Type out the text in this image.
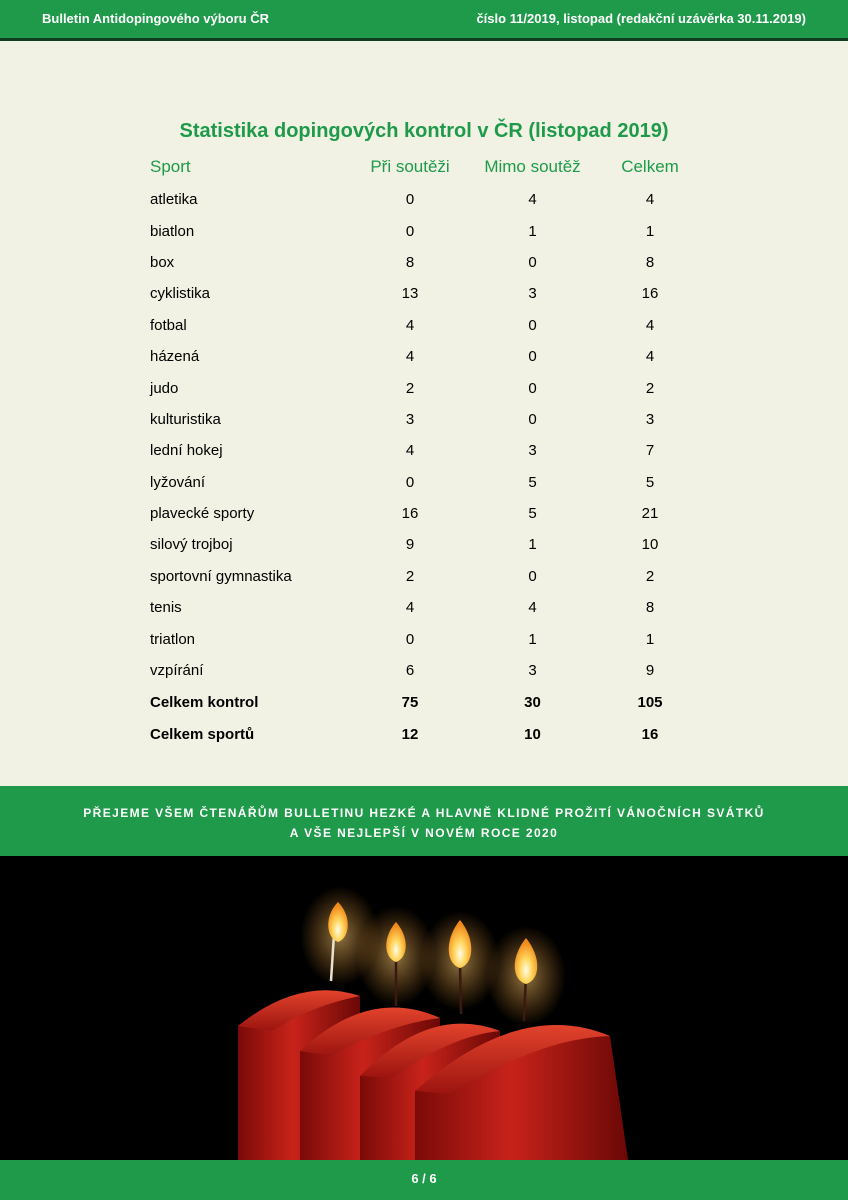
Bulletin Antidopingového výboru ČR	číslo 11/2019, listopad (redakční uzávěrka 30.11.2019)
Statistika dopingových kontrol v ČR (listopad 2019)
Sport	Při soutěži	Mimo soutěž	Celkem
atletika	0	4	4
biatlon	0	1	1
box	8	0	8
cyklistika	13	3	16
fotbal	4	0	4
házená	4	0	4
judo	2	0	2
kulturistika	3	0	3
lední hokej	4	3	7
lyžování	0	5	5
plavecké sporty	16	5	21
silový trojboj	9	1	10
sportovní gymnastika	2	0	2
tenis	4	4	8
triatlon	0	1	1
vzpírání	6	3	9
Celkem kontrol	75	30	105
Celkem sportů	12	10	16
PŘEJEME VŠEM ČTENÁŘŮM BULLETINU HEZKÉ A HLAVNĚ KLIDNÉ PROŽITÍ VÁNOČNÍCH SVÁTKŮ
A VŠE NEJLEPŠÍ V NOVÉM ROCE 2020
6 / 6
